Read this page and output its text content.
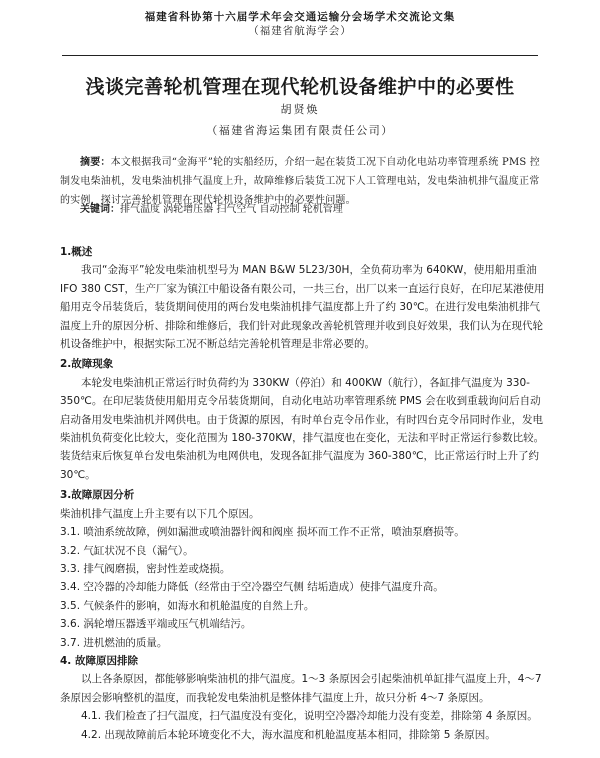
福建省科协第十六届学术年会交通运输分会场学术交流论文集
（福建省航海学会）
浅谈完善轮机管理在现代轮机设备维护中的必要性
胡贤焕
（福建省海运集团有限责任公司）
摘要：本文根据我司“金海平”轮的实船经历，介绍一起在装货工况下自动化电站功率管理系统 PMS 控制发电柴油机，发电柴油机排气温度上升，故障维修后装货工况下人工管理电站，发电柴油机排气温度正常的实例，探讨完善轮机管理在现代轮机设备维护中的必要性问题。
关键词：排气温度 涡轮增压器 扫气空气 自动控制 轮机管理

1.概述

我司“金海平”轮发电柴油机型号为 MAN B&W 5L23/30H，全负荷功率为 640KW，使用船用重油 IFO 380 CST，生产厂家为镇江中船设备有限公司，一共三台，出厂以来一直运行良好，在印尼某港使用船用克令吊装货后，装货期间使用的两台发电柴油机排气温度都上升了约 30℃。在进行发电柴油机排气温度上升的原因分析、排除和维修后，我们针对此现象改善轮机管理并收到良好效果，我们认为在现代轮机设备维护中，根据实际工况不断总结完善轮机管理是非常必要的。

2.故障现象

本轮发电柴油机正常运行时负荷约为 330KW（停泊）和 400KW（航行），各缸排气温度为 330-350℃。在印尼装货使用船用克令吊装货期间，自动化电站功率管理系统 PMS 会在收到重载询问后自动启动备用发电柴油机并网供电。由于货源的原因，有时单台克令吊作业，有时四台克令吊同时作业，发电柴油机负荷变化比较大，变化范围为 180-370KW，排气温度也在变化，无法和平时正常运行参数比较。装货结束后恢复单台发电柴油机为电网供电，发现各缸排气温度为 360-380℃，比正常运行时上升了约 30℃。

3.故障原因分析

柴油机排气温度上升主要有以下几个原因。

3.1. 喷油系统故障，例如漏泄或喷油器针阀和阀座 损坏而工作不正常，喷油泵磨损等。

3.2. 气缸状况不良（漏气）。

3.3. 排气阀磨损，密封性差或烧损。

3.4. 空冷器的冷却能力降低（经常由于空冷器空气侧 结垢造成）使排气温度升高。

3.5. 气候条件的影响，如海水和机舱温度的自然上升。

3.6. 涡轮增压器透平端或压气机端结污。

3.7. 进机燃油的质量。

4. 故障原因排除

以上各条原因，都能够影响柴油机的排气温度。1～3 条原因会引起柴油机单缸排气温度上升，4～7 条原因会影响整机的温度，而我轮发电柴油机是整体排气温度上升，故只分析 4～7 条原因。

4.1. 我们检查了扫气温度，扫气温度没有变化，说明空冷器冷却能力没有变差，排除第 4 条原因。

4.2. 出现故障前后本轮环境变化不大，海水温度和机舱温度基本相同，排除第 5 条原因。
